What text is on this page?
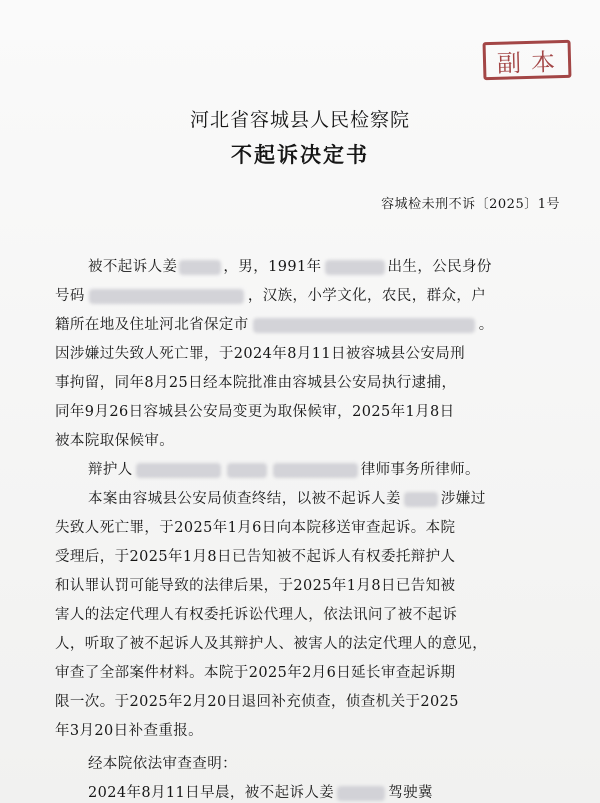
副本
河北省容城县人民检察院
不起诉决定书
容城检未刑不诉〔2025〕1号
被不起诉人姜	，男，1991年	出生，公民身份
号码	，汉族，小学文化，农民，群众，户
籍所在地及住址河北省保定市	。
因涉嫌过失致人死亡罪，于2024年8月11日被容城县公安局刑
事拘留，同年8月25日经本院批准由容城县公安局执行逮捕，
同年9月26日容城县公安局变更为取保候审，2025年1月8日
被本院取保候审。
辩护人	律师事务所律师。
本案由容城县公安局侦查终结，以被不起诉人姜	涉嫌过
失致人死亡罪，于2025年1月6日向本院移送审查起诉。本院
受理后，于2025年1月8日已告知被不起诉人有权委托辩护人
和认罪认罚可能导致的法律后果，于2025年1月8日已告知被
害人的法定代理人有权委托诉讼代理人，依法讯问了被不起诉
人，听取了被不起诉人及其辩护人、被害人的法定代理人的意见，
审查了全部案件材料。本院于2025年2月6日延长审查起诉期
限一次。于2025年2月20日退回补充侦查，侦查机关于2025
年3月20日补查重报。
经本院依法审查查明：
2024年8月11日早晨，被不起诉人姜	驾驶冀
